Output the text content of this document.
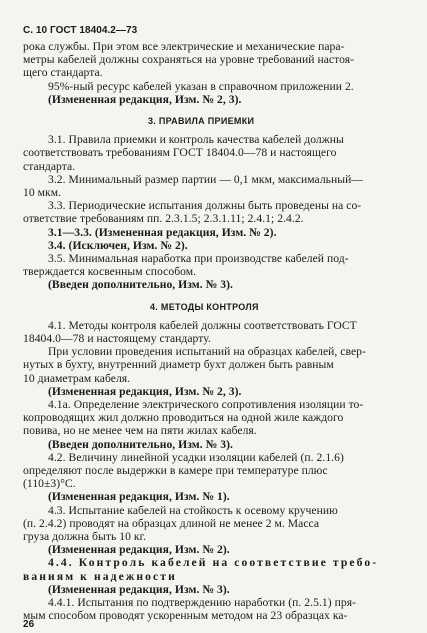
С. 10 ГОСТ 18404.2—73
рока службы. При этом все электрические и механические пара-
метры кабелей должны сохраняться на уровне требований настоя-
щего стандарта.
95%-ный ресурс кабелей указан в справочном приложении 2.
(Измененная редакция, Изм. № 2, 3).
3. ПРАВИЛА ПРИЕМКИ
3.1. Правила приемки и контроль качества кабелей должны
соответствовать требованиям ГОСТ 18404.0—78 и настоящего
стандарта.
3.2. Минимальный размер партии — 0,1 мкм, максимальный—
10 мкм.
3.3. Периодические испытания должны быть проведены на со-
ответствие требованиям пп. 2.3.1.5; 2.3.1.11; 2.4.1; 2.4.2.
3.1—3.3. (Измененная редакция, Изм. № 2).
3.4. (Исключен, Изм. № 2).
3.5. Минимальная наработка при производстве кабелей под-
тверждается косвенным способом.
(Введен дополнительно, Изм. № 3).
4. МЕТОДЫ КОНТРОЛЯ
4.1. Методы контроля кабелей должны соответствовать ГОСТ
18404.0—78 и настоящему стандарту.
При условии проведения испытаний на образцах кабелей, свер-
нутых в бухту, внутренний диаметр бухт должен быть равным
10 диаметрам кабеля.
(Измененная редакция, Изм. № 2, 3).
4.1а. Определение электрического сопротивления изоляции то-
копроводящих жил должно проводиться на одной жиле каждого
повива, но не менее чем на пяти жилах кабеля.
(Введен дополнительно, Изм. № 3).
4.2. Величину линейной усадки изоляции кабелей (п. 2.1.6)
определяют после выдержки в камере при температуре плюс
(110±3)°С.
(Измененная редакция, Изм. № 1).
4.3. Испытание кабелей на стойкость к осевому кручению
(п. 2.4.2) проводят на образцах длиной не менее 2 м. Масса
груза должна быть 10 кг.
(Измененная редакция, Изм. № 2).
4.4. Контроль кабелей на соответствие требо-
ваниям к надежности
(Измененная редакция, Изм. № 3).
4.4.1. Испытания по подтверждению наработки (п. 2.5.1) пря-
мым способом проводят ускоренным методом на 23 образцах ка-
26
